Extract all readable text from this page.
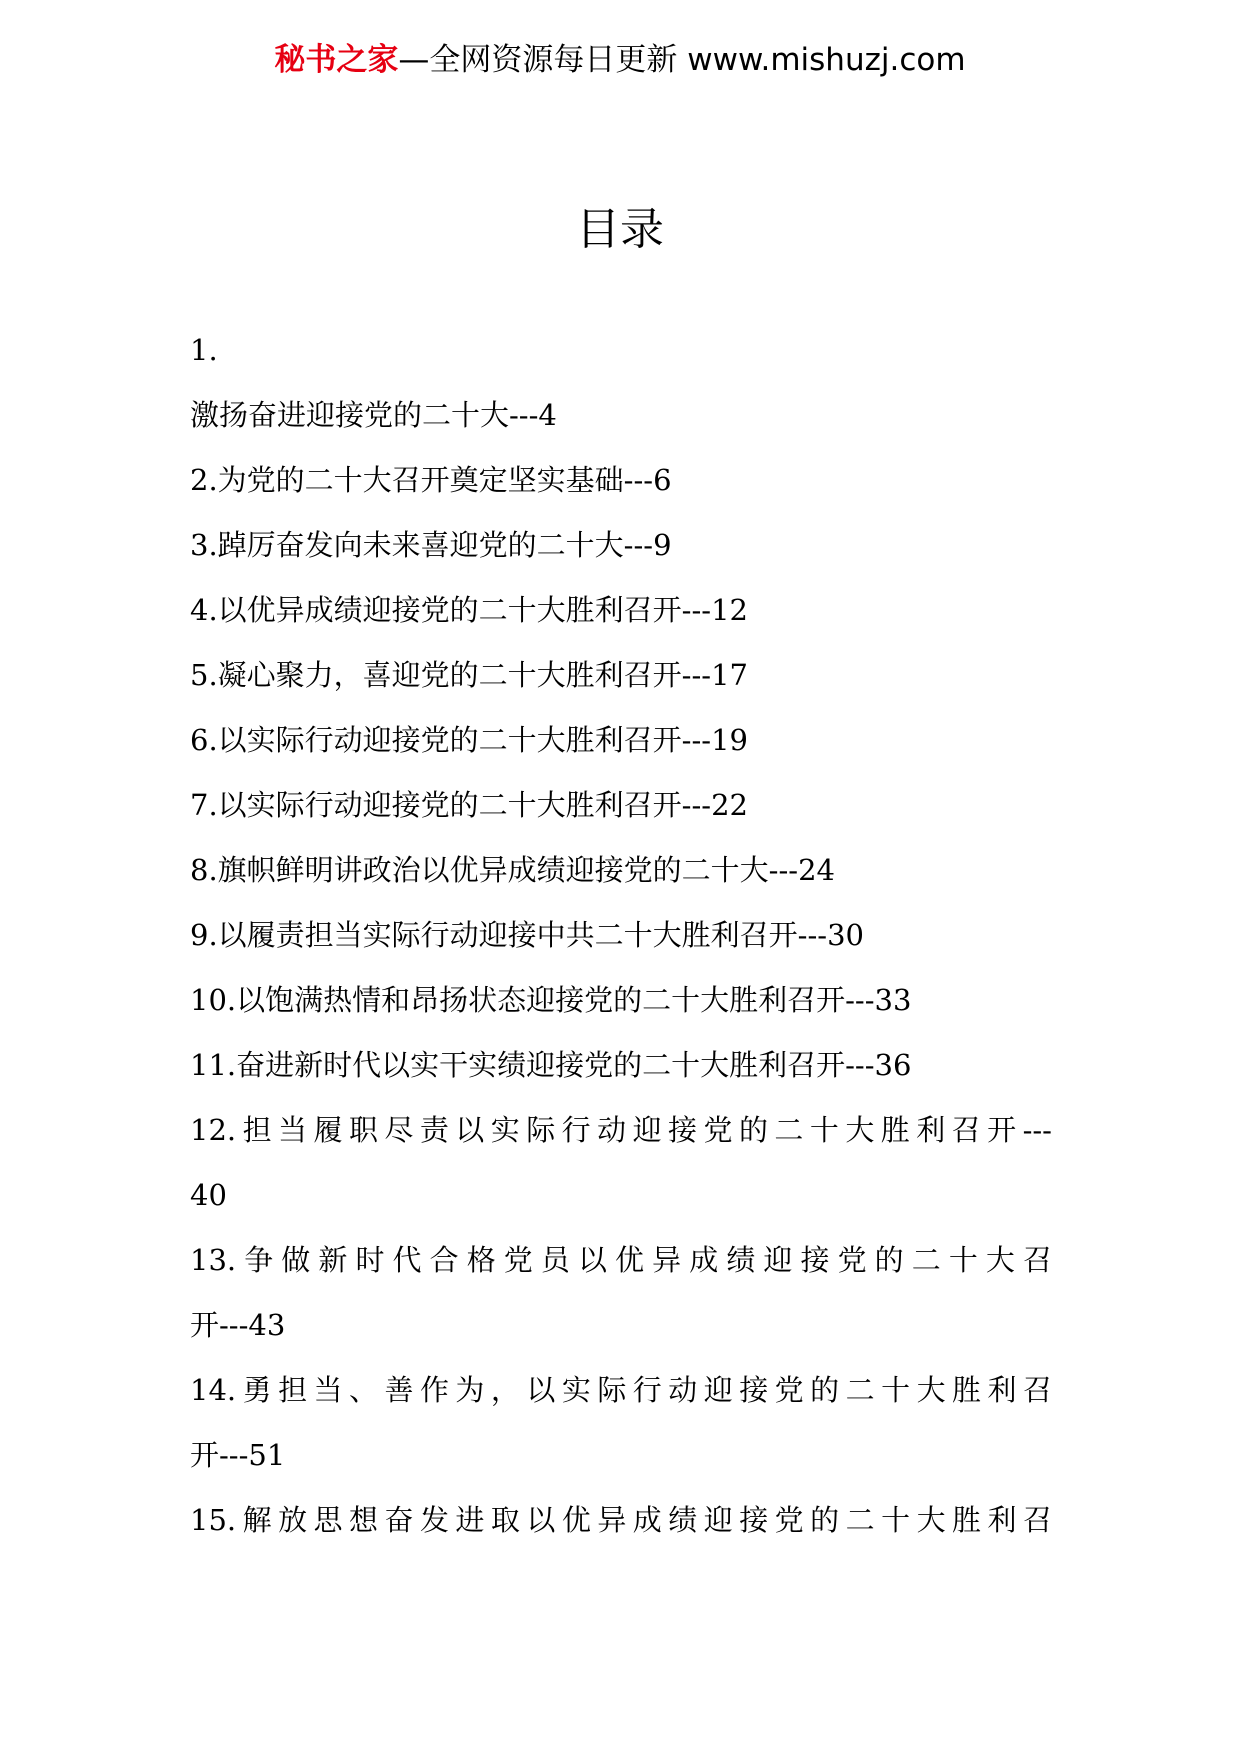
秘书之家—全网资源每日更新 www.mishuzj.com
目录
1.
激扬奋进迎接党的二十大---4
2.为党的二十大召开奠定坚实基础---6
3.踔厉奋发向未来喜迎党的二十大---9
4.以优异成绩迎接党的二十大胜利召开---12
5.凝心聚力，喜迎党的二十大胜利召开---17
6.以实际行动迎接党的二十大胜利召开---19
7.以实际行动迎接党的二十大胜利召开---22
8.旗帜鲜明讲政治以优异成绩迎接党的二十大---24
9.以履责担当实际行动迎接中共二十大胜利召开---30
10.以饱满热情和昂扬状态迎接党的二十大胜利召开---33
11.奋进新时代以实干实绩迎接党的二十大胜利召开---36
12.担当履职尽责以实际行动迎接党的二十大胜利召开---
40
13.争做新时代合格党员以优异成绩迎接党的二十大召
开---43
14.勇担当、善作为，以实际行动迎接党的二十大胜利召
开---51
15.解放思想奋发进取以优异成绩迎接党的二十大胜利召
